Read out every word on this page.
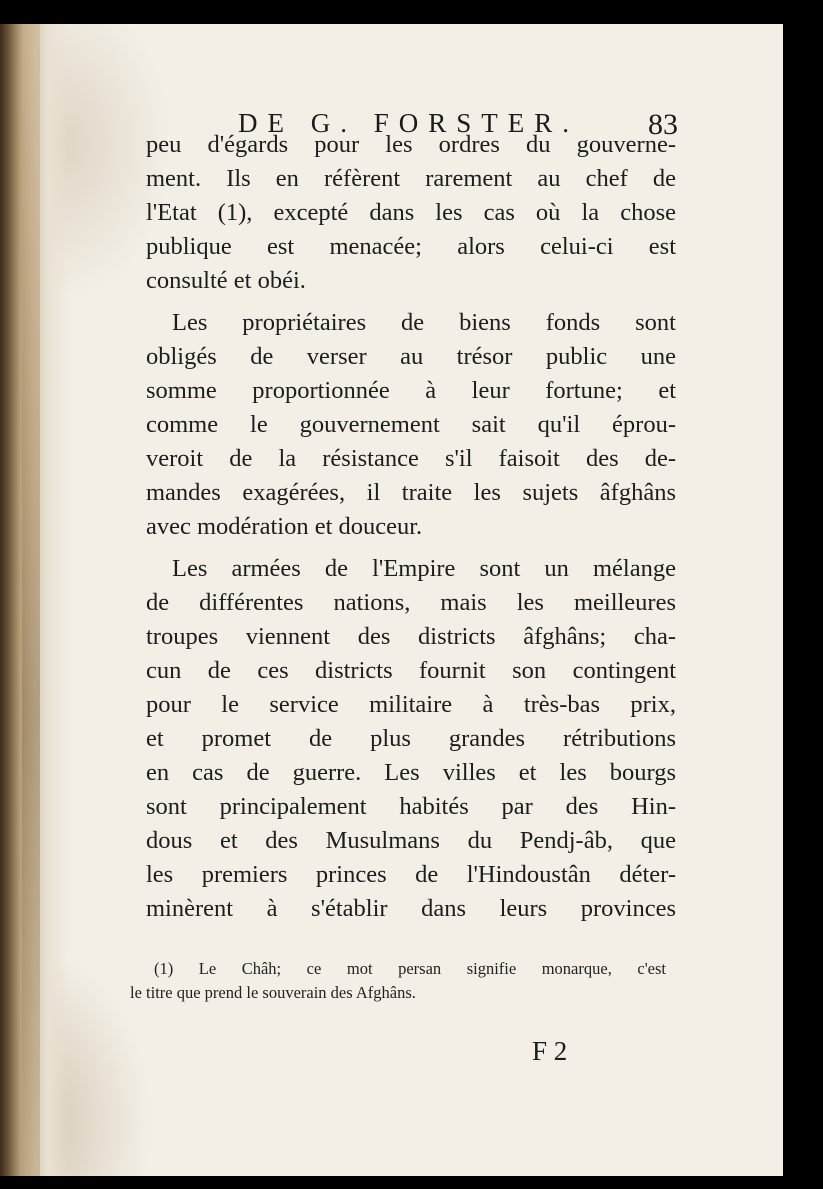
DE G. FORSTER. 83
peu d'égards pour les ordres du gouverne-
ment. Ils en réfèrent rarement au chef de
l'Etat (1), excepté dans les cas où la chose
publique est menacée; alors celui-ci est
consulté et obéi.
Les propriétaires de biens fonds sont
obligés de verser au trésor public une
somme proportionnée à leur fortune; et
comme le gouvernement sait qu'il éprou-
veroit de la résistance s'il faisoit des de-
mandes exagérées, il traite les sujets âfghâns
avec modération et douceur.
Les armées de l'Empire sont un mélange
de différentes nations, mais les meilleures
troupes viennent des districts âfghâns; cha-
cun de ces districts fournit son contingent
pour le service militaire à très-bas prix,
et promet de plus grandes rétributions
en cas de guerre. Les villes et les bourgs
sont principalement habités par des Hin-
dous et des Musulmans du Pendj-âb, que
les premiers princes de l'Hindoustân déter-
minèrent à s'établir dans leurs provinces
(1) Le Châh; ce mot persan signifie monarque, c'est
le titre que prend le souverain des Afghâns.
F 2
